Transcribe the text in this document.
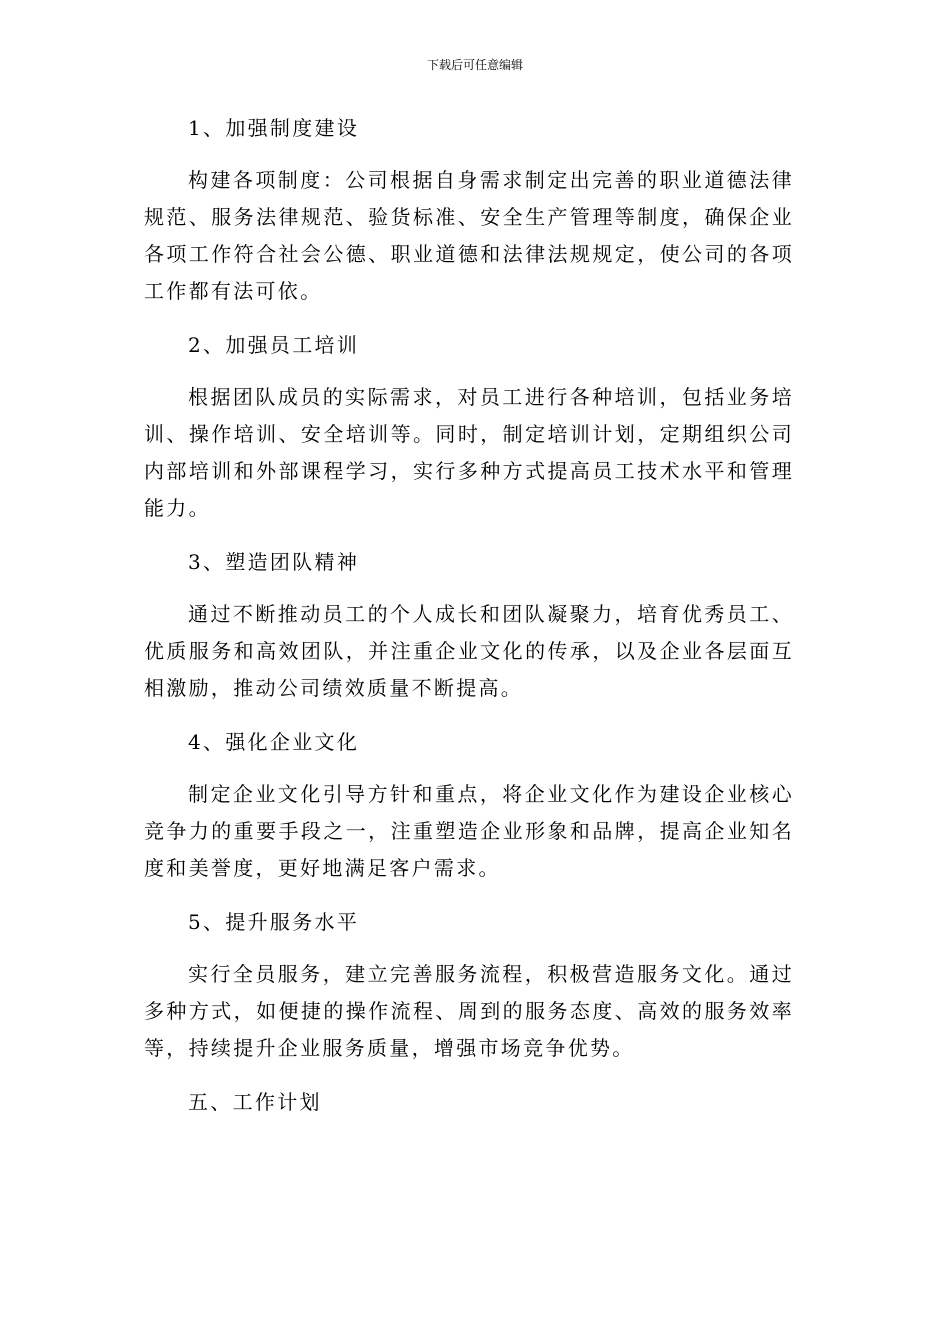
下载后可任意编辑

1、加强制度建设

构建各项制度：公司根据自身需求制定出完善的职业道德法律规范、服务法律规范、验货标准、安全生产管理等制度，确保企业各项工作符合社会公德、职业道德和法律法规规定，使公司的各项工作都有法可依。

2、加强员工培训

根据团队成员的实际需求，对员工进行各种培训，包括业务培训、操作培训、安全培训等。同时，制定培训计划，定期组织公司内部培训和外部课程学习，实行多种方式提高员工技术水平和管理能力。

3、塑造团队精神

通过不断推动员工的个人成长和团队凝聚力，培育优秀员工、优质服务和高效团队，并注重企业文化的传承，以及企业各层面互相激励，推动公司绩效质量不断提高。

4、强化企业文化

制定企业文化引导方针和重点，将企业文化作为建设企业核心竞争力的重要手段之一，注重塑造企业形象和品牌，提高企业知名度和美誉度，更好地满足客户需求。

5、提升服务水平

实行全员服务，建立完善服务流程，积极营造服务文化。通过多种方式，如便捷的操作流程、周到的服务态度、高效的服务效率等，持续提升企业服务质量，增强市场竞争优势。

五、工作计划
